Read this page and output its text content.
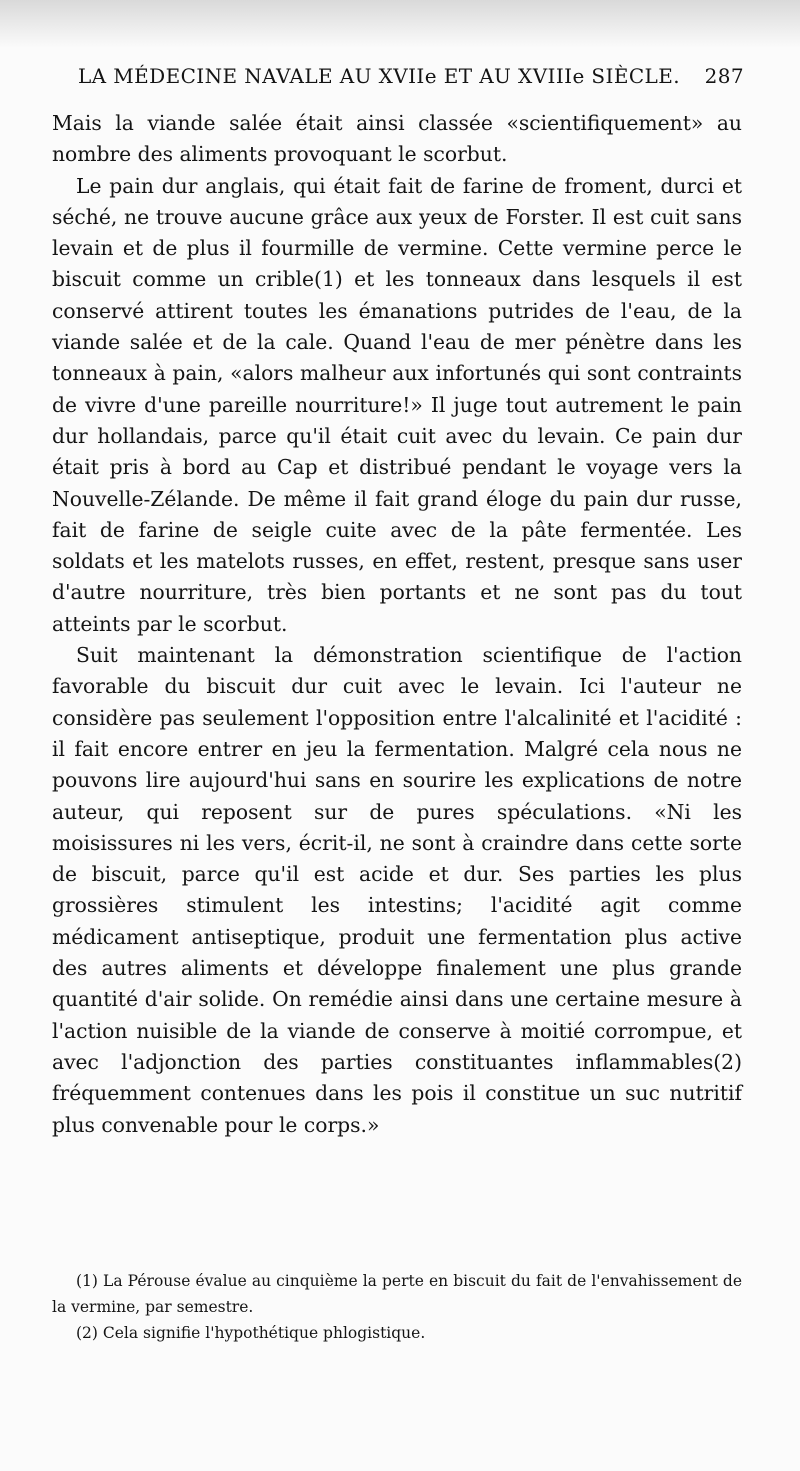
LA MÉDECINE NAVALE AU XVIIe ET AU XVIIIe SIÈCLE. 287

Mais la viande salée était ainsi classée «scientifiquement» au nombre des aliments provoquant le scorbut.

Le pain dur anglais, qui était fait de farine de froment, durci et séché, ne trouve aucune grâce aux yeux de Forster. Il est cuit sans levain et de plus il fourmille de vermine. Cette vermine perce le biscuit comme un crible(1) et les tonneaux dans lesquels il est conservé attirent toutes les émanations putrides de l'eau, de la viande salée et de la cale. Quand l'eau de mer pénètre dans les tonneaux à pain, «alors malheur aux infortunés qui sont contraints de vivre d'une pareille nourriture!» Il juge tout autrement le pain dur hollandais, parce qu'il était cuit avec du levain. Ce pain dur était pris à bord au Cap et distribué pendant le voyage vers la Nouvelle-Zélande. De même il fait grand éloge du pain dur russe, fait de farine de seigle cuite avec de la pâte fermentée. Les soldats et les matelots russes, en effet, restent, presque sans user d'autre nourriture, très bien portants et ne sont pas du tout atteints par le scorbut.

Suit maintenant la démonstration scientifique de l'action favorable du biscuit dur cuit avec le levain. Ici l'auteur ne considère pas seulement l'opposition entre l'alcalinité et l'acidité : il fait encore entrer en jeu la fermentation. Malgré cela nous ne pouvons lire aujourd'hui sans en sourire les explications de notre auteur, qui reposent sur de pures spéculations. «Ni les moisissures ni les vers, écrit-il, ne sont à craindre dans cette sorte de biscuit, parce qu'il est acide et dur. Ses parties les plus grossières stimulent les intestins; l'acidité agit comme médicament antiseptique, produit une fermentation plus active des autres aliments et développe finalement une plus grande quantité d'air solide. On remédie ainsi dans une certaine mesure à l'action nuisible de la viande de conserve à moitié corrompue, et avec l'adjonction des parties constituantes inflammables(2) fréquemment contenues dans les pois il constitue un suc nutritif plus convenable pour le corps.»

(1) La Pérouse évalue au cinquième la perte en biscuit du fait de l'envahissement de la vermine, par semestre.

(2) Cela signifie l'hypothétique phlogistique.
